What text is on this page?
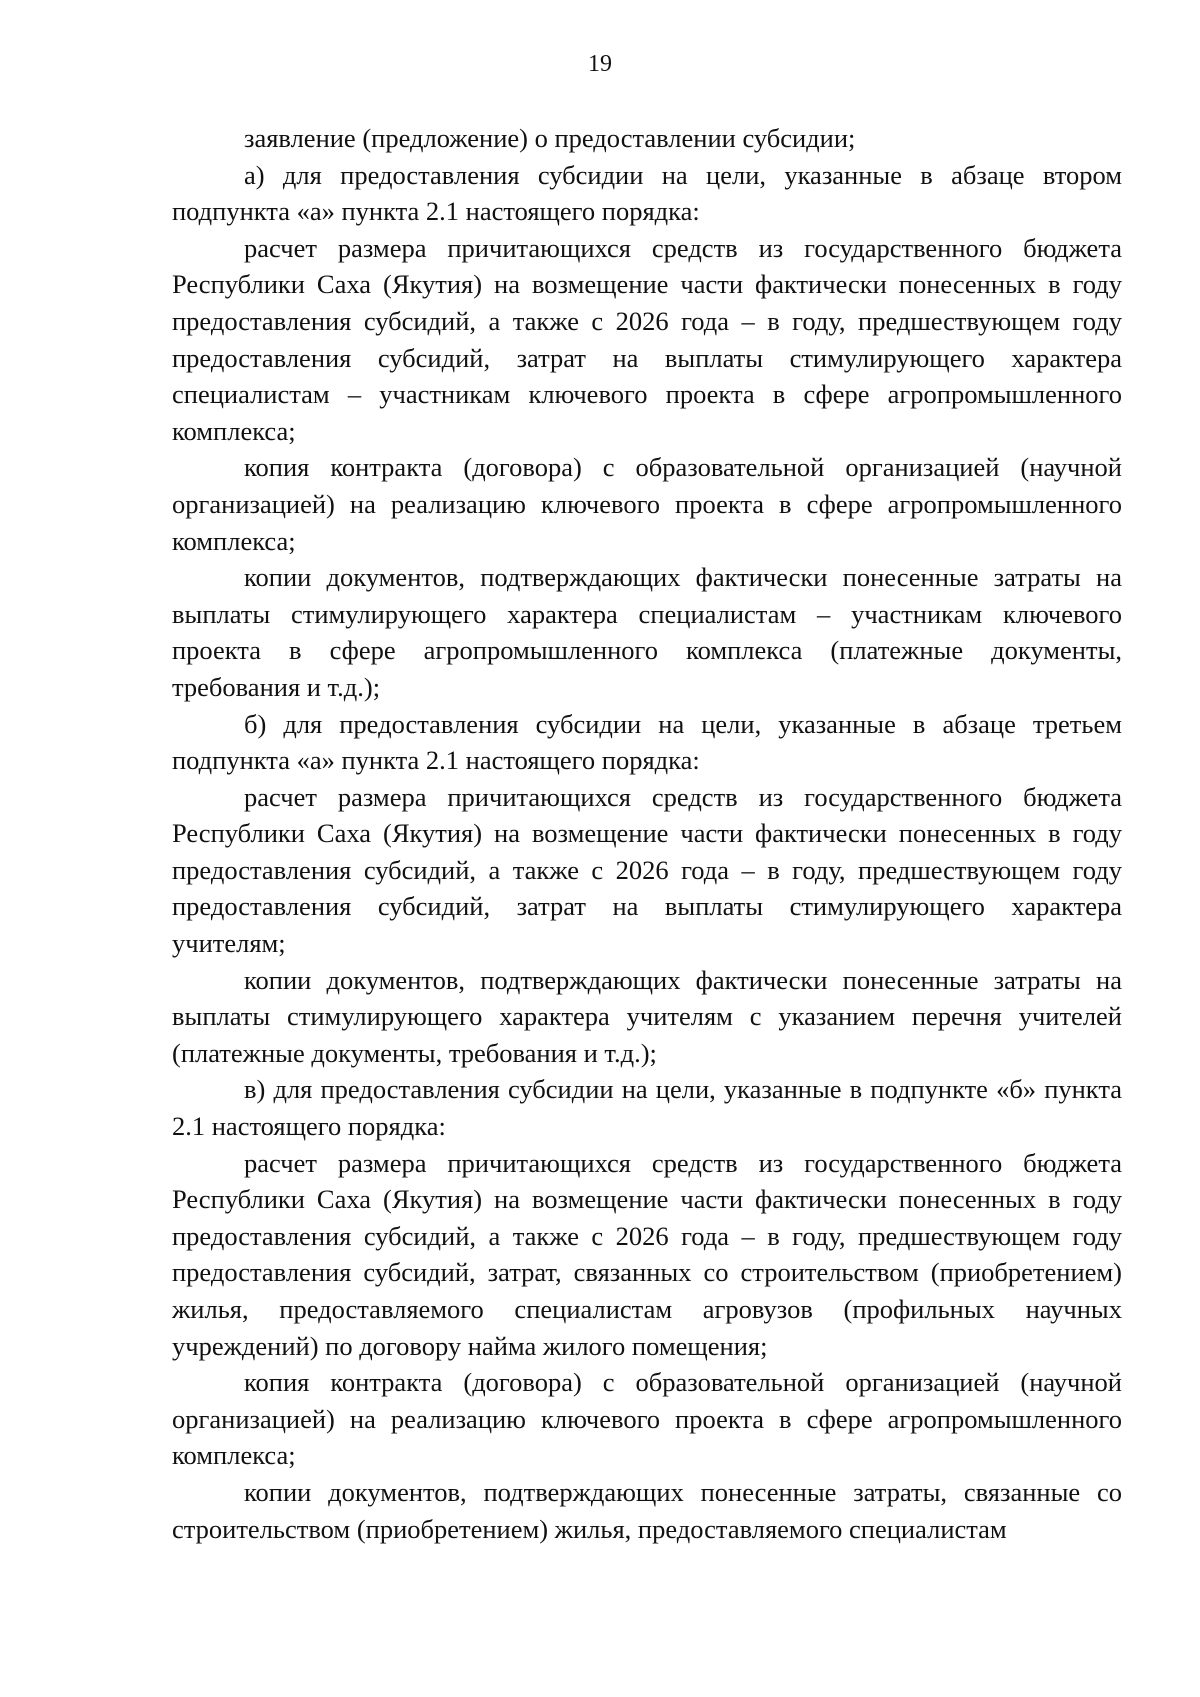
19

заявление (предложение) о предоставлении субсидии;

а) для предоставления субсидии на цели, указанные в абзаце втором подпункта «а» пункта 2.1 настоящего порядка:

расчет размера причитающихся средств из государственного бюджета Республики Саха (Якутия) на возмещение части фактически понесенных в году предоставления субсидий, а также с 2026 года – в году, предшествующем году предоставления субсидий, затрат на выплаты стимулирующего характера специалистам – участникам ключевого проекта в сфере агропромышленного комплекса;

копия контракта (договора) с образовательной организацией (научной организацией) на реализацию ключевого проекта в сфере агропромышленного комплекса;

копии документов, подтверждающих фактически понесенные затраты на выплаты стимулирующего характера специалистам – участникам ключевого проекта в сфере агропромышленного комплекса (платежные документы, требования и т.д.);

б) для предоставления субсидии на цели, указанные в абзаце третьем подпункта «а» пункта 2.1 настоящего порядка:

расчет размера причитающихся средств из государственного бюджета Республики Саха (Якутия) на возмещение части фактически понесенных в году предоставления субсидий, а также с 2026 года – в году, предшествующем году предоставления субсидий, затрат на выплаты стимулирующего характера учителям;

копии документов, подтверждающих фактически понесенные затраты на выплаты стимулирующего характера учителям с указанием перечня учителей (платежные документы, требования и т.д.);

в) для предоставления субсидии на цели, указанные в подпункте «б» пункта 2.1 настоящего порядка:

расчет размера причитающихся средств из государственного бюджета Республики Саха (Якутия) на возмещение части фактически понесенных в году предоставления субсидий, а также с 2026 года – в году, предшествующем году предоставления субсидий, затрат, связанных со строительством (приобретением) жилья, предоставляемого специалистам агровузов (профильных научных учреждений) по договору найма жилого помещения;

копия контракта (договора) с образовательной организацией (научной организацией) на реализацию ключевого проекта в сфере агропромышленного комплекса;

копии документов, подтверждающих понесенные затраты, связанные со строительством (приобретением) жилья, предоставляемого специалистам
